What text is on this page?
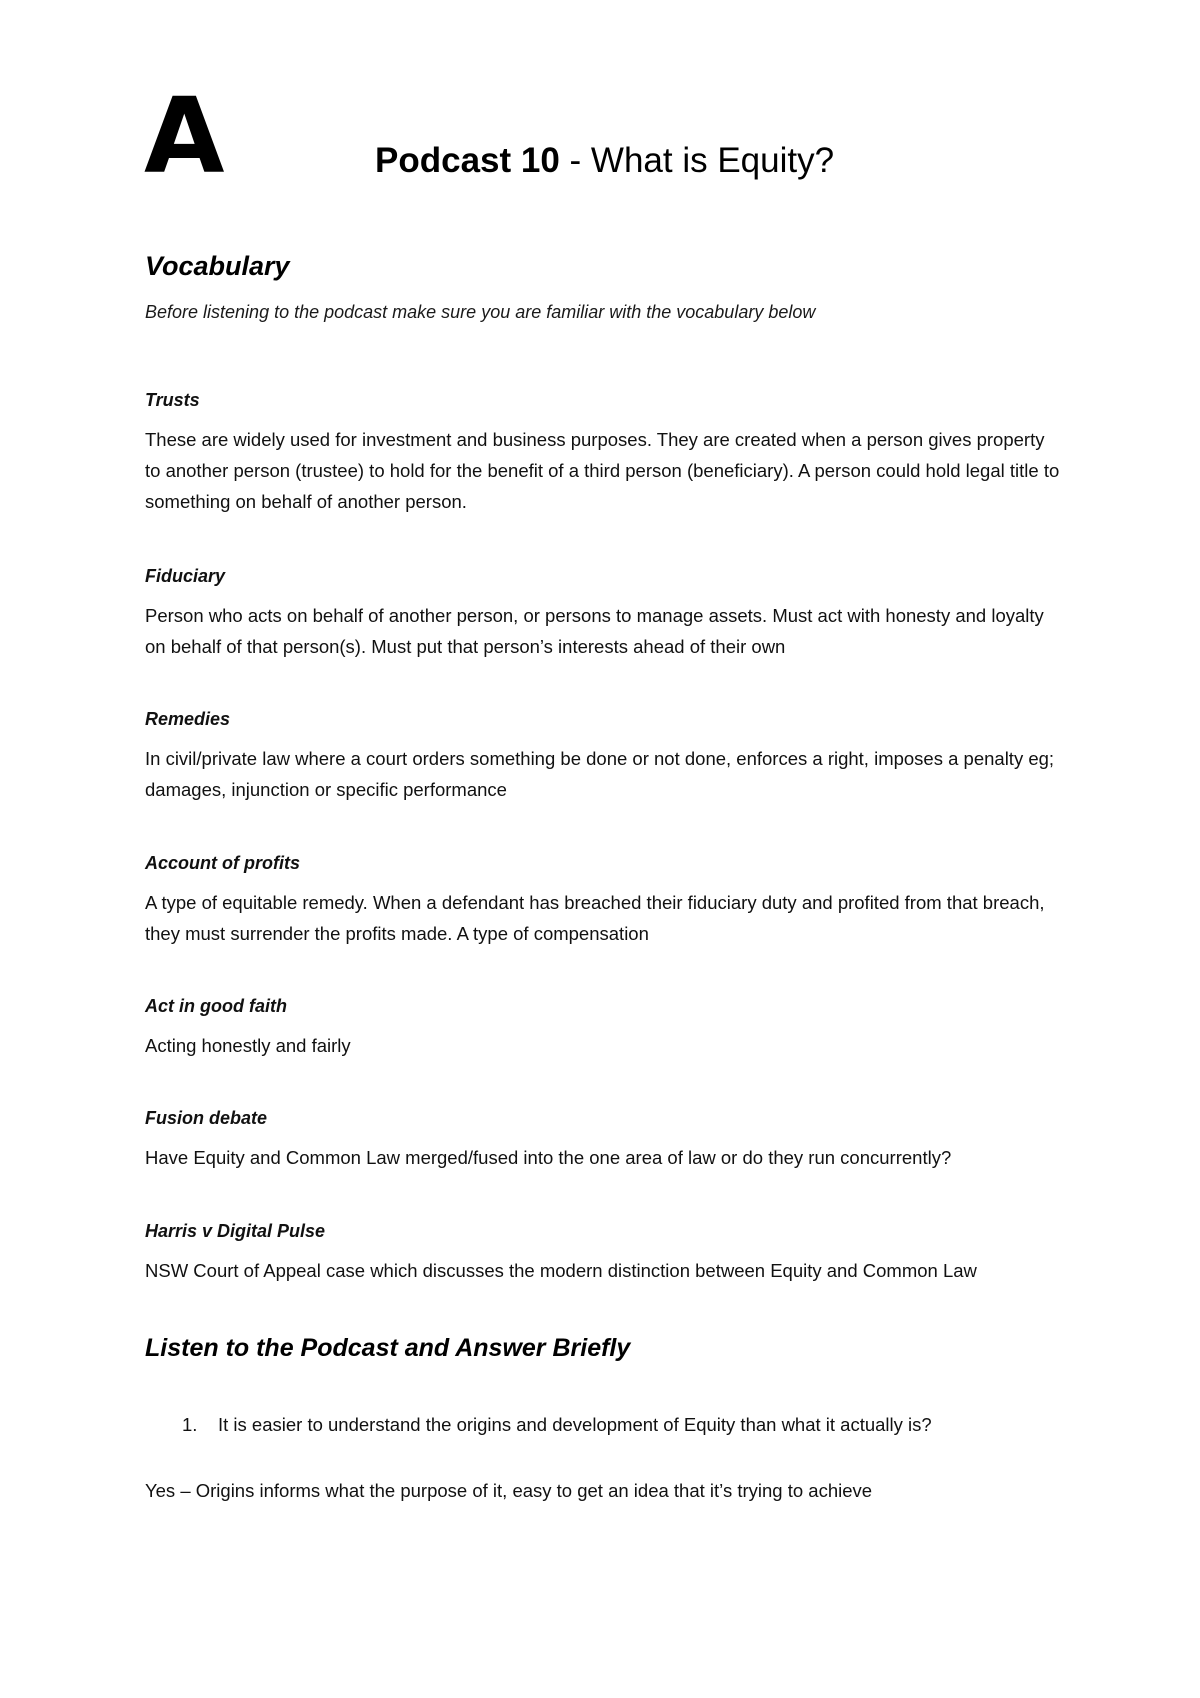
A	Podcast 10 - What is Equity?
Vocabulary
Before listening to the podcast make sure you are familiar with the vocabulary below
Trusts
These are widely used for investment and business purposes. They are created when a person gives property to another person (trustee) to hold for the benefit of a third person (beneficiary). A person could hold legal title to something on behalf of another person.
Fiduciary
Person who acts on behalf of another person, or persons to manage assets. Must act with honesty and loyalty on behalf of that person(s). Must put that person’s interests ahead of their own
Remedies
In civil/private law where a court orders something be done or not done, enforces a right, imposes a penalty eg; damages, injunction or specific performance
Account of profits
A type of equitable remedy. When a defendant has breached their fiduciary duty and profited from that breach, they must surrender the profits made. A type of compensation
Act in good faith
Acting honestly and fairly
Fusion debate
Have Equity and Common Law merged/fused into the one area of law or do they run concurrently?
Harris v Digital Pulse
NSW Court of Appeal case which discusses the modern distinction between Equity and Common Law
Listen to the Podcast and Answer Briefly
1. It is easier to understand the origins and development of Equity than what it actually is?
Yes – Origins informs what the purpose of it, easy to get an idea that it’s trying to achieve
